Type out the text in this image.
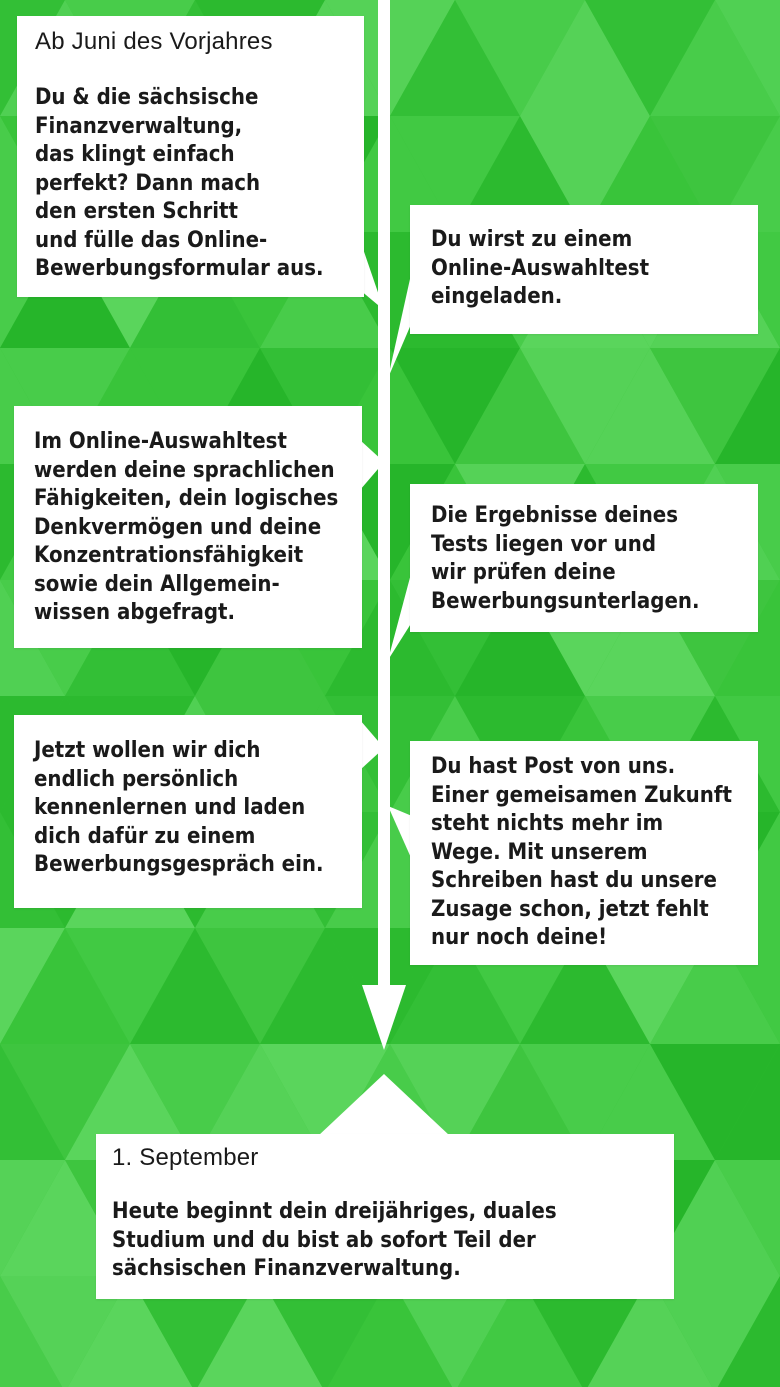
Ab Juni des Vorjahres

Du & die sächsische
Finanzverwaltung,
das klingt einfach
perfekt? Dann mach
den ersten Schritt
und fülle das Online-
Bewerbungsformular aus.

Du wirst zu einem
Online-Auswahltest
eingeladen.

Im Online-Auswahltest
werden deine sprachlichen
Fähigkeiten, dein logisches
Denkvermögen und deine
Konzentrationsfähigkeit
sowie dein Allgemein-
wissen abgefragt.

Die Ergebnisse deines
Tests liegen vor und
wir prüfen deine
Bewerbungsunterlagen.

Jetzt wollen wir dich
endlich persönlich
kennenlernen und laden
dich dafür zu einem
Bewerbungsgespräch ein.

Du hast Post von uns.
Einer gemeisamen Zukunft
steht nichts mehr im
Wege. Mit unserem
Schreiben hast du unsere
Zusage schon, jetzt fehlt
nur noch deine!

1. September

Heute beginnt dein dreijähriges, duales
Studium und du bist ab sofort Teil der
sächsischen Finanzverwaltung.
